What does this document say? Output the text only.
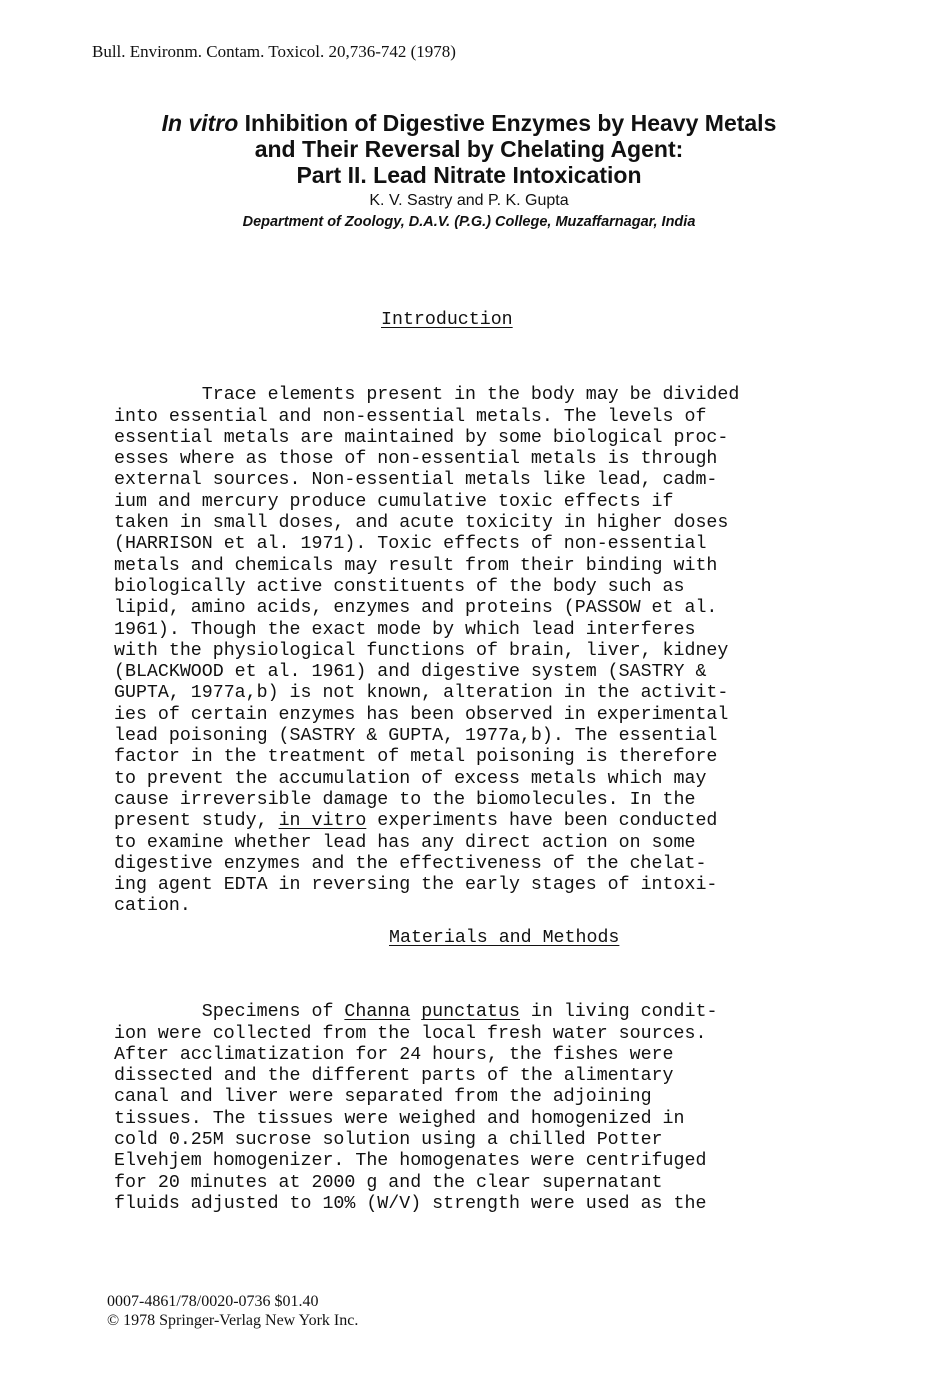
Bull. Environm. Contam. Toxicol. 20,736-742 (1978)
In vitro Inhibition of Digestive Enzymes by Heavy Metals
and Their Reversal by Chelating Agent:
Part II. Lead Nitrate Intoxication
K. V. Sastry and P. K. Gupta
Department of Zoology, D.A.V. (P.G.) College, Muzaffarnagar, India
Introduction

Trace elements present in the body may be divided
into essential and non-essential metals. The levels of
essential metals are maintained by some biological proc-
esses where as those of non-essential metals is through
external sources. Non-essential metals like lead, cadm-
ium and mercury produce cumulative toxic effects if
taken in small doses, and acute toxicity in higher doses
(HARRISON et al. 1971). Toxic effects of non-essential
metals and chemicals may result from their binding with
biologically active constituents of the body such as
lipid, amino acids, enzymes and proteins (PASSOW et al.
1961). Though the exact mode by which lead interferes
with the physiological functions of brain, liver, kidney
(BLACKWOOD et al. 1961) and digestive system (SASTRY &
GUPTA, 1977a,b) is not known, alteration in the activit-
ies of certain enzymes has been observed in experimental
lead poisoning (SASTRY & GUPTA, 1977a,b). The essential
factor in the treatment of metal poisoning is therefore
to prevent the accumulation of excess metals which may
cause irreversible damage to the biomolecules. In the
present study, in vitro experiments have been conducted
to examine whether lead has any direct action on some
digestive enzymes and the effectiveness of the chelat-
ing agent EDTA in reversing the early stages of intoxi-
cation.
Materials and Methods

Specimens of Channa punctatus in living condit-
ion were collected from the local fresh water sources.
After acclimatization for 24 hours, the fishes were
dissected and the different parts of the alimentary
canal and liver were separated from the adjoining
tissues. The tissues were weighed and homogenized in
cold 0.25M sucrose solution using a chilled Potter
Elvehjem homogenizer. The homogenates were centrifuged
for 20 minutes at 2000 g and the clear supernatant
fluids adjusted to 10% (W/V) strength were used as the
0007-4861/78/0020-0736 $01.40
© 1978 Springer-Verlag New York Inc.
